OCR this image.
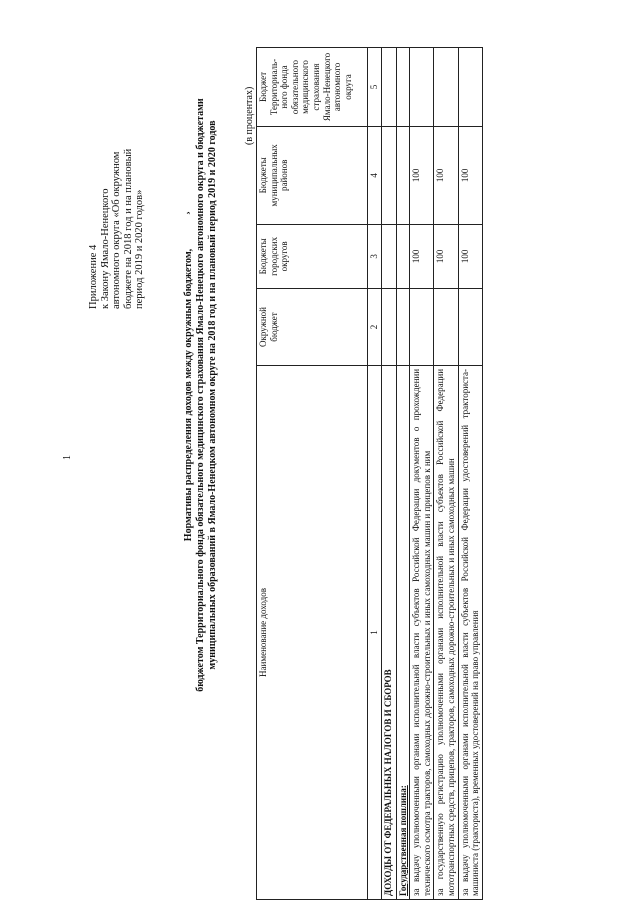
1
¸
Приложение 4 к Закону Ямало-Ненецкого автономного округа «Об окружном бюджете на 2018 год и на плановый период 2019 и 2020 годов»	Нормативы распределения доходов между окружным бюджетом, бюджетом Территориального фонда обязательного медицинского страхования Ямало-Ненецкого автономного округа и бюджетами муниципальных образований в Ямало-Ненецком автономном округе на 2018 год и на плановый период 2019 и 2020 годов
(в процентах)
Наименование доходов	Окружной бюджет	Бюджеты городских округов	Бюджеты муниципальных районов	Бюджет Территориаль-ного фонда обязательного медицинского страхования Ямало-Ненецкого автономного округа
1	2	3	4	5
ДОХОДЫ ОТ ФЕДЕРАЛЬНЫХ НАЛОГОВ И СБОРОВ				
Государственная пошлина:				
за выдачу уполномоченными органами исполнительной власти субъектов Российской Федерации документов о прохождении технического осмотра тракторов, самоходных дорожно-строительных и иных самоходных машин и прицепов к ним		100	100	
за государственную регистрацию уполномоченными органами исполнительной власти субъектов Российской Федерации мототранспортных средств, прицепов, тракторов, самоходных дорожно-строительных и иных самоходных машин		100	100	
за выдачу уполномоченными органами исполнительной власти субъектов Российской Федерации удостоверений тракториста-машиниста (тракториста), временных удостоверений на право управления		100	100	
